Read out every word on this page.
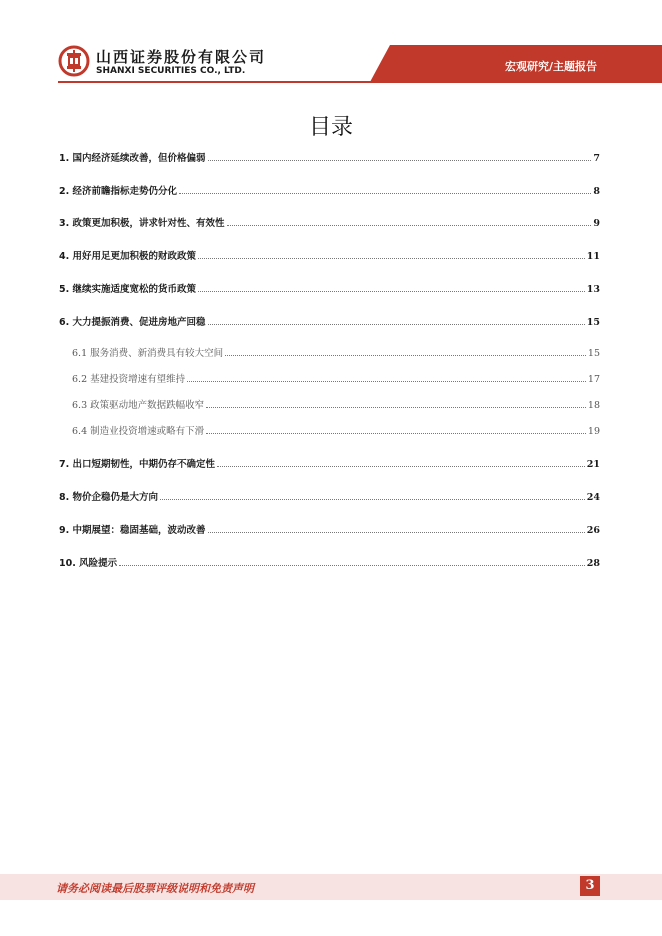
山西证券股份有限公司
SHANXI SECURITIES CO., LTD.	宏观研究/主题报告
目录
1. 国内经济延续改善，但价格偏弱	7
2. 经济前瞻指标走势仍分化	8
3. 政策更加积极，讲求针对性、有效性	9
4. 用好用足更加积极的财政政策	11
5. 继续实施适度宽松的货币政策	13
6. 大力提振消费、促进房地产回稳	15
6.1 服务消费、新消费具有较大空间	15
6.2 基建投资增速有望维持	17
6.3 政策驱动地产数据跌幅收窄	18
6.4 制造业投资增速或略有下滑	19
7. 出口短期韧性，中期仍存不确定性	21
8. 物价企稳仍是大方向	24
9. 中期展望：稳固基础，波动改善	26
10. 风险提示	28
请务必阅读最后股票评级说明和免责声明	3
